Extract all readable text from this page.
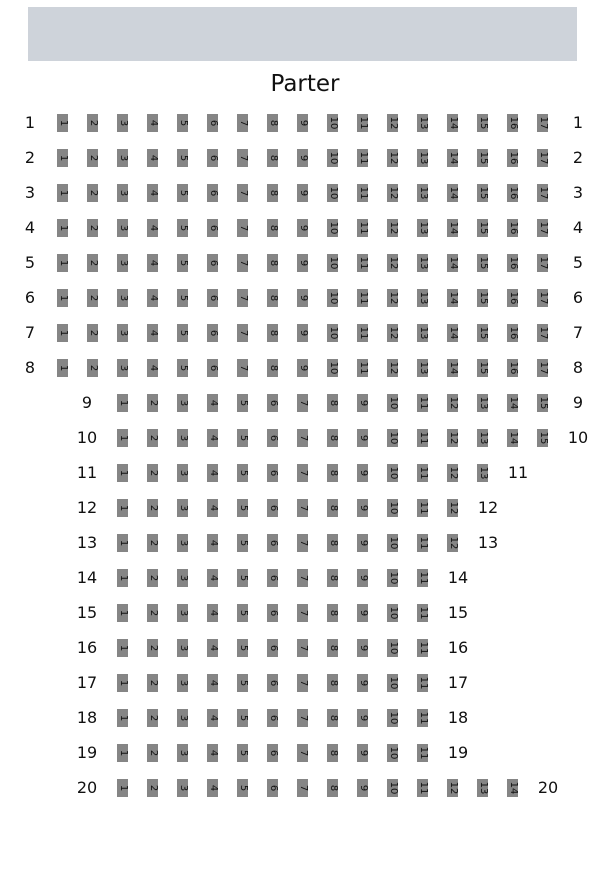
Parter
1	1 2 3 4 5 6 7 8 9 10 11 12 13 14 15 16 17	1
2	1 2 3 4 5 6 7 8 9 10 11 12 13 14 15 16 17	2
3	1 2 3 4 5 6 7 8 9 10 11 12 13 14 15 16 17	3
4	1 2 3 4 5 6 7 8 9 10 11 12 13 14 15 16 17	4
5	1 2 3 4 5 6 7 8 9 10 11 12 13 14 15 16 17	5
6	1 2 3 4 5 6 7 8 9 10 11 12 13 14 15 16 17	6
7	1 2 3 4 5 6 7 8 9 10 11 12 13 14 15 16 17	7
8	1 2 3 4 5 6 7 8 9 10 11 12 13 14 15 16 17	8
9	1 2 3 4 5 6 7 8 9 10 11 12 13 14 15	9
10	1 2 3 4 5 6 7 8 9 10 11 12 13 14 15	10
11	1 2 3 4 5 6 7 8 9 10 11 12 13	11
12	1 2 3 4 5 6 7 8 9 10 11 12	12
13	1 2 3 4 5 6 7 8 9 10 11 12	13
14	1 2 3 4 5 6 7 8 9 10 11	14
15	1 2 3 4 5 6 7 8 9 10 11	15
16	1 2 3 4 5 6 7 8 9 10 11	16
17	1 2 3 4 5 6 7 8 9 10 11	17
18	1 2 3 4 5 6 7 8 9 10 11	18
19	1 2 3 4 5 6 7 8 9 10 11	19
20	1 2 3 4 5 6 7 8 9 10 11 12 13 14	20
